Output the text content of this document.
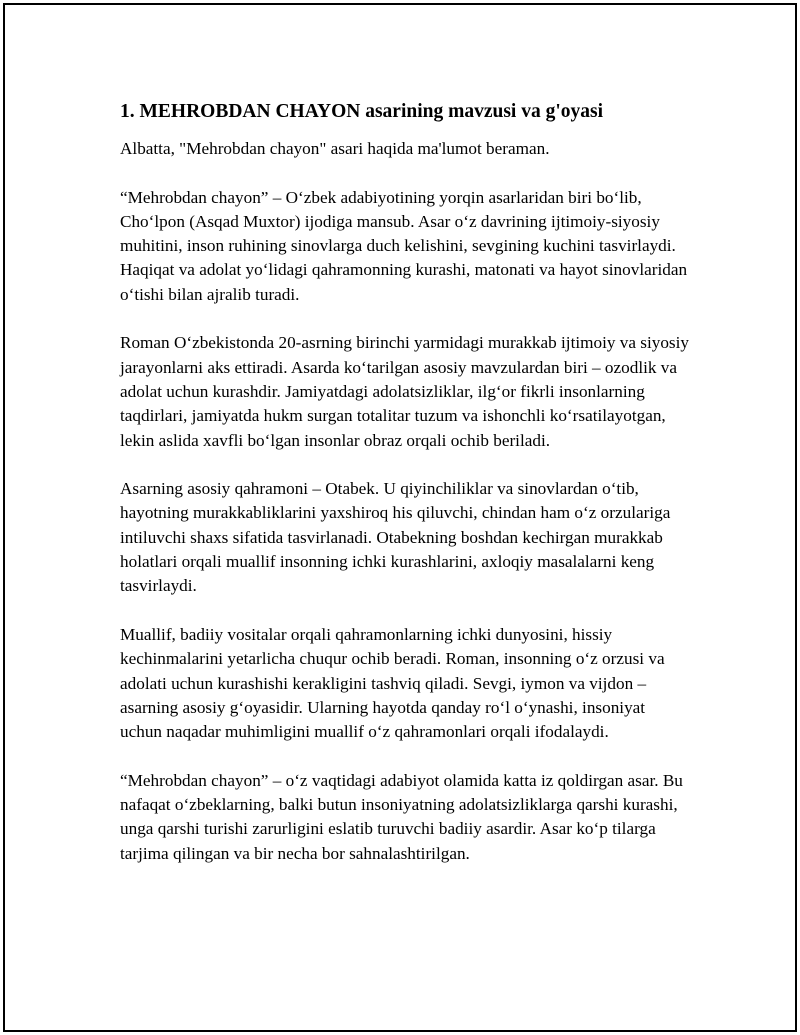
1. MEHROBDAN CHAYON asarining mavzusi va g'oyasi

Albatta, "Mehrobdan chayon" asari haqida ma'lumot beraman.

“Mehrobdan chayon” – O‘zbek adabiyotining yorqin asarlaridan biri bo‘lib, Cho‘lpon (Asqad Muxtor) ijodiga mansub. Asar o‘z davrining ijtimoiy-siyosiy muhitini, inson ruhining sinovlarga duch kelishini, sevgining kuchini tasvirlaydi. Haqiqat va adolat yo‘lidagi qahramonning kurashi, matonati va hayot sinovlaridan o‘tishi bilan ajralib turadi.

Roman O‘zbekistonda 20-asrning birinchi yarmidagi murakkab ijtimoiy va siyosiy jarayonlarni aks ettiradi. Asarda ko‘tarilgan asosiy mavzulardan biri – ozodlik va adolat uchun kurashdir. Jamiyatdagi adolatsizliklar, ilg‘or fikrli insonlarning taqdirlari, jamiyatda hukm surgan totalitar tuzum va ishonchli ko‘rsatilayotgan, lekin aslida xavfli bo‘lgan insonlar obraz orqali ochib beriladi.

Asarning asosiy qahramoni – Otabek. U qiyinchiliklar va sinovlardan o‘tib, hayotning murakkabliklarini yaxshiroq his qiluvchi, chindan ham o‘z orzulariga intiluvchi shaxs sifatida tasvirlanadi. Otabekning boshdan kechirgan murakkab holatlari orqali muallif insonning ichki kurashlarini, axloqiy masalalarni keng tasvirlaydi.

Muallif, badiiy vositalar orqali qahramonlarning ichki dunyosini, hissiy kechinmalarini yetarlicha chuqur ochib beradi. Roman, insonning o‘z orzusi va adolati uchun kurashishi kerakligini tashviq qiladi. Sevgi, iymon va vijdon – asarning asosiy g‘oyasidir. Ularning hayotda qanday ro‘l o‘ynashi, insoniyat uchun naqadar muhimligini muallif o‘z qahramonlari orqali ifodalaydi.

“Mehrobdan chayon” – o‘z vaqtidagi adabiyot olamida katta iz qoldirgan asar. Bu nafaqat o‘zbeklarning, balki butun insoniyatning adolatsizliklarga qarshi kurashi, unga qarshi turishi zarurligini eslatib turuvchi badiiy asardir. Asar ko‘p tilarga tarjima qilingan va bir necha bor sahnalashtirilgan.
